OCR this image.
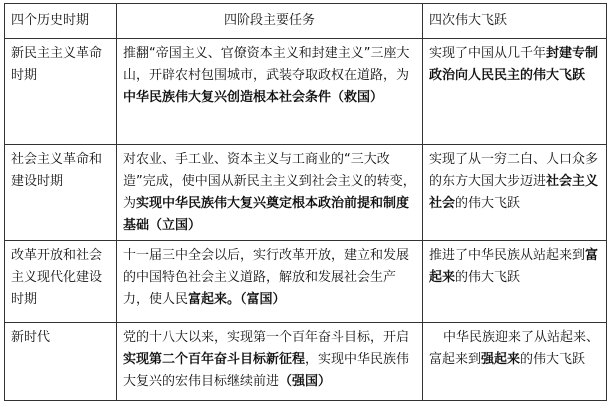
四个历史时期	四阶段主要任务	四次伟大飞跃
新民主主义革命时期	推翻“帝国主义、官僚资本主义和封建主义”三座大山，开辟农村包围城市，武装夺取政权在道路，为中华民族伟大复兴创造根本社会条件（救国）	实现了中国从几千年封建专制政治向人民民主的伟大飞跃
社会主义革命和建设时期	对农业、手工业、资本主义与工商业的“三大改造”完成，使中国从新民主主义到社会主义的转变，为实现中华民族伟大复兴奠定根本政治前提和制度基础（立国）	实现了从一穷二白、人口众多的东方大国大步迈进社会主义社会的伟大飞跃
改革开放和社会主义现代化建设时期	十一届三中全会以后，实行改革开放，建立和发展的中国特色社会主义道路，解放和发展社会生产力，使人民富起来。（富国）	推进了中华民族从站起来到富起来的伟大飞跃
新时代	党的十八大以来，实现第一个百年奋斗目标，开启实现第二个百年奋斗目标新征程，实现中华民族伟大复兴的宏伟目标继续前进（强国）	中华民族迎来了从站起来、富起来到强起来的伟大飞跃
